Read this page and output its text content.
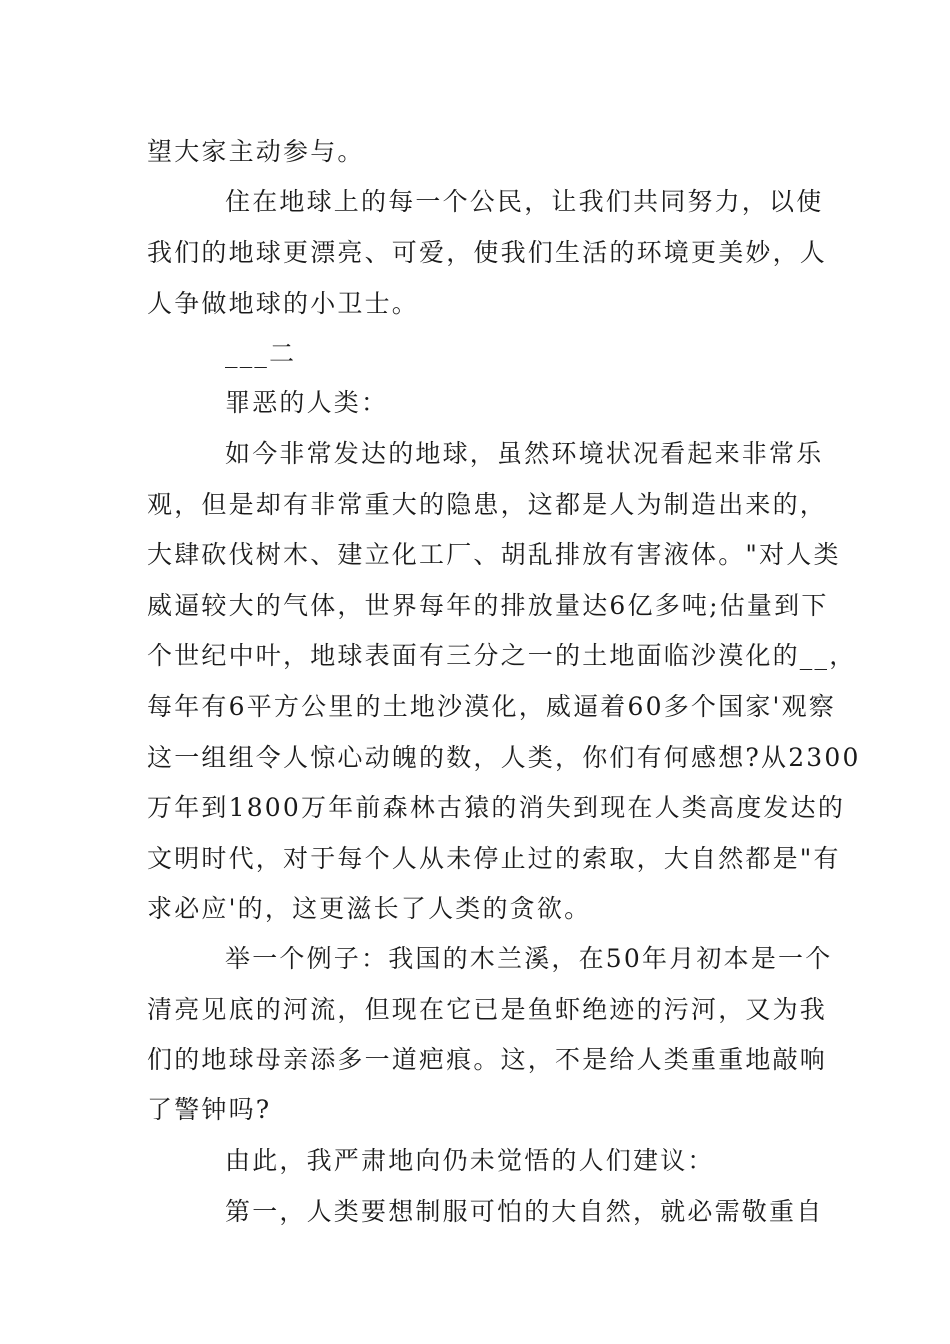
望大家主动参与。
住在地球上的每一个公民，让我们共同努力，以使
我们的地球更漂亮、可爱，使我们生活的环境更美妙，人
人争做地球的小卫士。
___二
罪恶的人类：
如今非常发达的地球，虽然环境状况看起来非常乐
观，但是却有非常重大的隐患，这都是人为制造出来的，
大肆砍伐树木、建立化工厂、胡乱排放有害液体。"对人类
威逼较大的气体，世界每年的排放量达6亿多吨;估量到下
个世纪中叶，地球表面有三分之一的土地面临沙漠化的__，
每年有6平方公里的土地沙漠化，威逼着60多个国家'观察
这一组组令人惊心动魄的数，人类，你们有何感想?从2300
万年到1800万年前森林古猿的消失到现在人类高度发达的
文明时代，对于每个人从未停止过的索取，大自然都是"有
求必应'的，这更滋长了人类的贪欲。
举一个例子：我国的木兰溪，在50年月初本是一个
清亮见底的河流，但现在它已是鱼虾绝迹的污河，又为我
们的地球母亲添多一道疤痕。这，不是给人类重重地敲响
了警钟吗?
由此，我严肃地向仍未觉悟的人们建议：
第一，人类要想制服可怕的大自然，就必需敬重自
